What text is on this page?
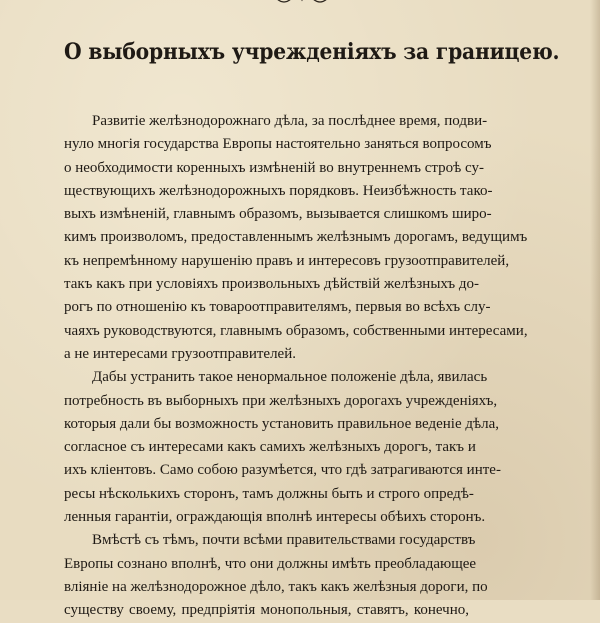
О выборныхъ учрежденіяхъ за границею.
Развитіе желѣзнодорожнаго дѣла, за послѣднее время, подви-
нуло многія государства Европы настоятельно заняться вопросомъ
о необходимости коренныхъ измѣненій во внутреннемъ строѣ су-
ществующихъ желѣзнодорожныхъ порядковъ. Неизбѣжность тако-
выхъ измѣненій, главнымъ образомъ, вызывается слишкомъ широ-
кимъ произволомъ, предоставленнымъ желѣзнымъ дорогамъ, ведущимъ
къ непремѣнному нарушенію правъ и интересовъ грузоотправителей,
такъ какъ при условіяхъ произвольныхъ дѣйствій желѣзныхъ до-
рогъ по отношенію къ товароотправителямъ, первыя во всѣхъ слу-
чаяхъ руководствуются, главнымъ образомъ, собственными интересами,
а не интересами грузоотправителей.
Дабы устранить такое ненормальное положеніе дѣла, явилась
потребность въ выборныхъ при желѣзныхъ дорогахъ учрежденіяхъ,
которыя дали бы возможность установить правильное веденіе дѣла,
согласное съ интересами какъ самихъ желѣзныхъ дорогъ, такъ и
ихъ кліентовъ. Само собою разумѣется, что гдѣ затрагиваются инте-
ресы нѣсколькихъ сторонъ, тамъ должны быть и строго опредѣ-
ленныя гарантіи, ограждающія вполнѣ интересы обѣихъ сторонъ.
Вмѣстѣ съ тѣмъ, почти всѣми правительствами государствъ
Европы сознано вполнѣ, что они должны имѣть преобладающее
вліяніе на желѣзнодорожное дѣло, такъ какъ желѣзныя дороги, по
существу своему, предпріятія монопольныя, ставятъ, конечно,
